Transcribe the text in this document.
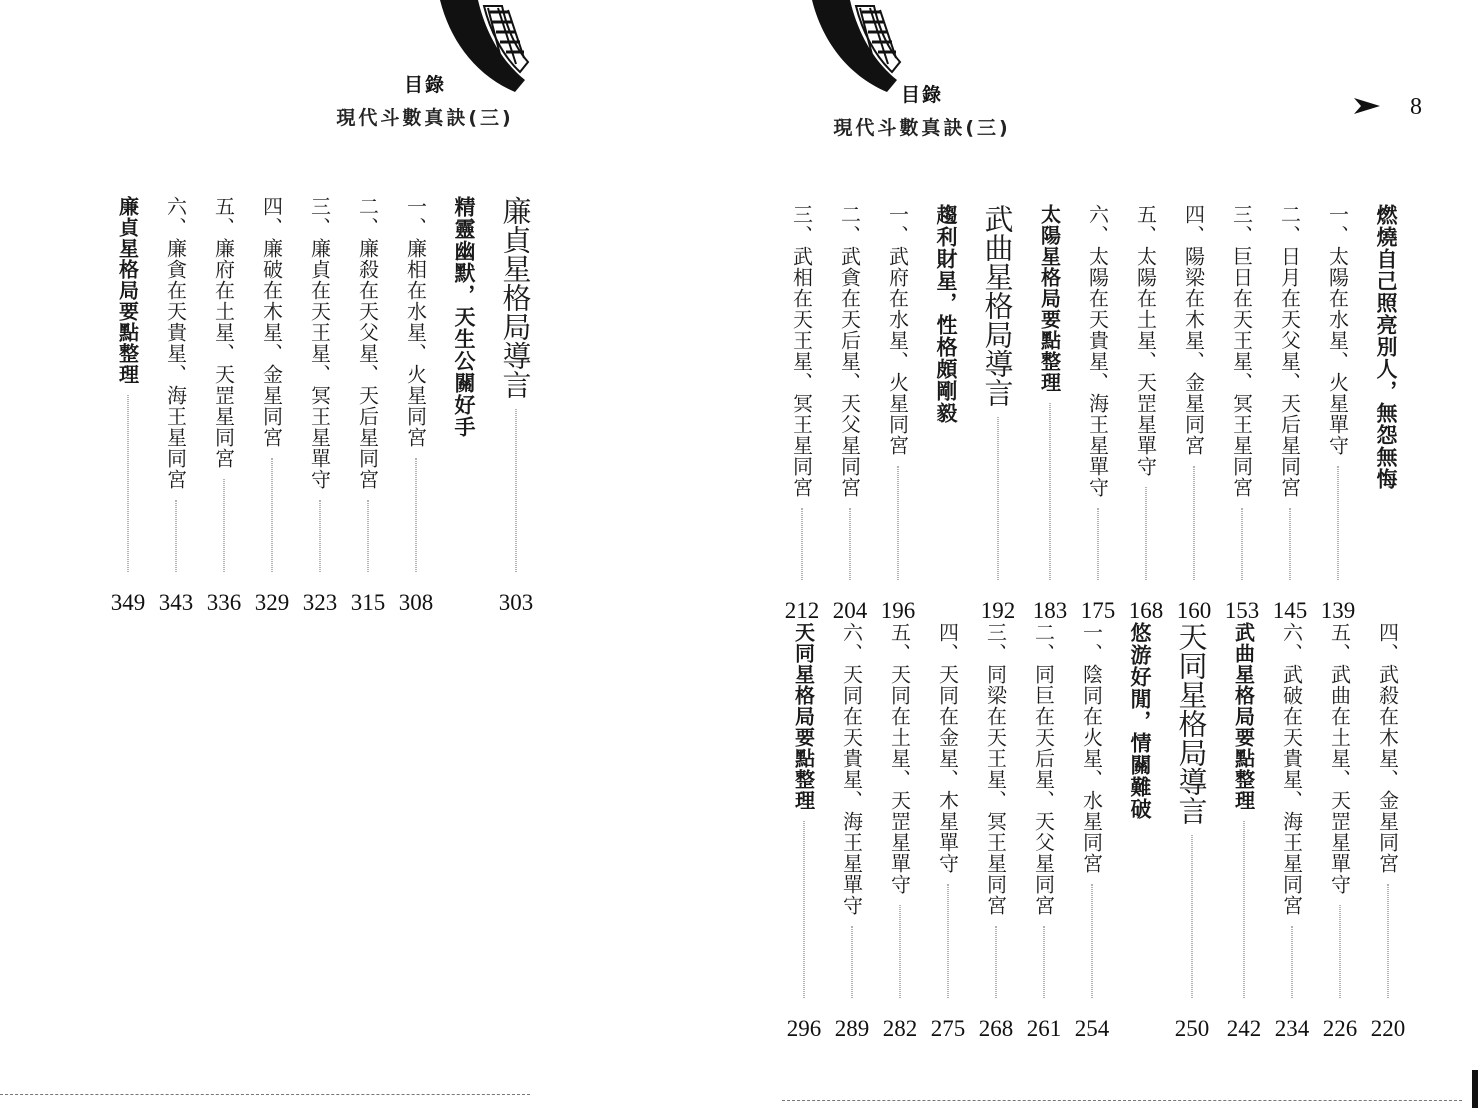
目錄
現代斗數真訣(三)
廉貞星格局導言
303
精靈幽默，天生公關好手
一、廉相在水星、火星同宮
308
二、廉殺在天父星、天后星同宮
315
三、廉貞在天王星、冥王星單守
323
四、廉破在木星、金星同宮
329
五、廉府在土星、天罡星同宮
336
六、廉貪在天貴星、海王星同宮
343
廉貞星格局要點整理
349
目錄
現代斗數真訣(三)
8
燃燒自己照亮別人，無怨無悔
一、太陽在水星、火星單守
139
二、日月在天父星、天后星同宮
145
三、巨日在天王星、冥王星同宮
153
四、陽梁在木星、金星同宮
160
五、太陽在土星、天罡星單守
168
六、太陽在天貴星、海王星單守
175
太陽星格局要點整理
183
武曲星格局導言
192
趨利財星，性格頗剛毅
一、武府在水星、火星同宮
196
二、武貪在天后星、天父星同宮
204
三、武相在天王星、冥王星同宮
212
四、武殺在木星、金星同宮
220
五、武曲在土星、天罡星單守
226
六、武破在天貴星、海王星同宮
234
武曲星格局要點整理
242
天同星格局導言
250
悠游好閒，情關難破
一、陰同在火星、水星同宮
254
二、同巨在天后星、天父星同宮
261
三、同梁在天王星、冥王星同宮
268
四、天同在金星、木星單守
275
五、天同在土星、天罡星單守
282
六、天同在天貴星、海王星單守
289
天同星格局要點整理
296
